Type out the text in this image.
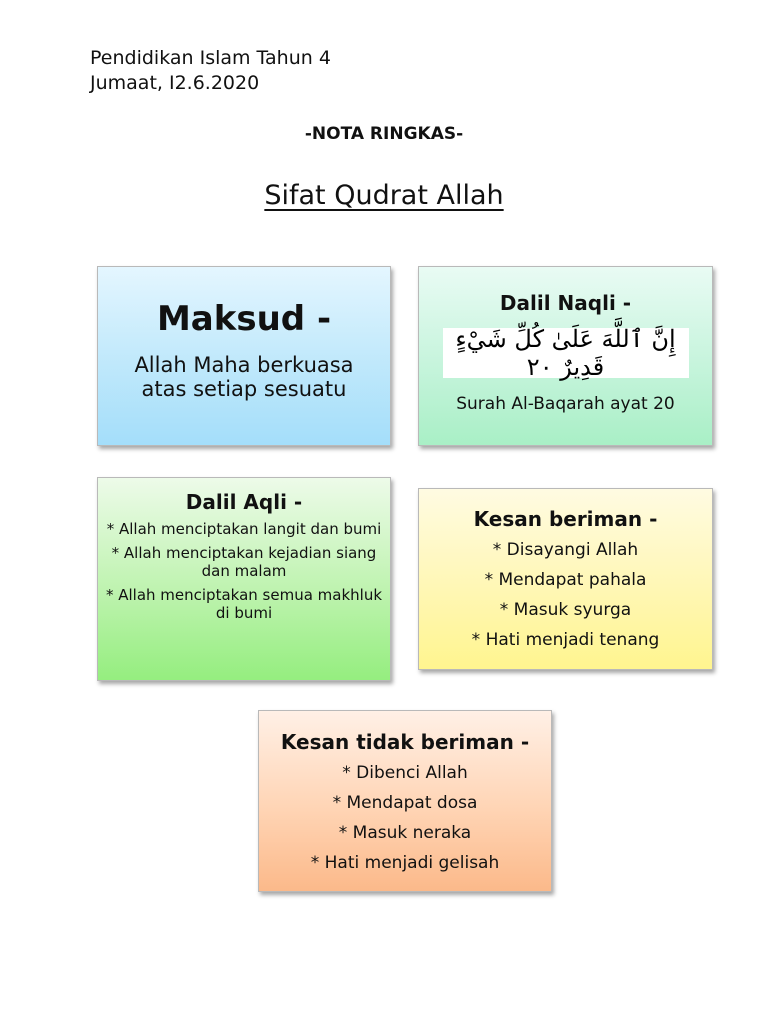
Pendidikan Islam Tahun 4
Jumaat, I2.6.2020
-NOTA RINGKAS-
Sifat Qudrat Allah
Maksud -
Allah Maha berkuasa atas setiap sesuatu
Dalil Naqli -
إِنَّ ٱللَّهَ عَلَىٰ كُلِّ شَيْءٍ قَدِيرٌ ٢٠
Surah Al-Baqarah ayat 20
Dalil Aqli -
* Allah menciptakan langit dan bumi
* Allah menciptakan kejadian siang dan malam
* Allah menciptakan semua makhluk di bumi
Kesan beriman -
* Disayangi Allah
* Mendapat pahala
* Masuk syurga
* Hati menjadi tenang
Kesan tidak beriman -
* Dibenci Allah
* Mendapat dosa
* Masuk neraka
* Hati menjadi gelisah
